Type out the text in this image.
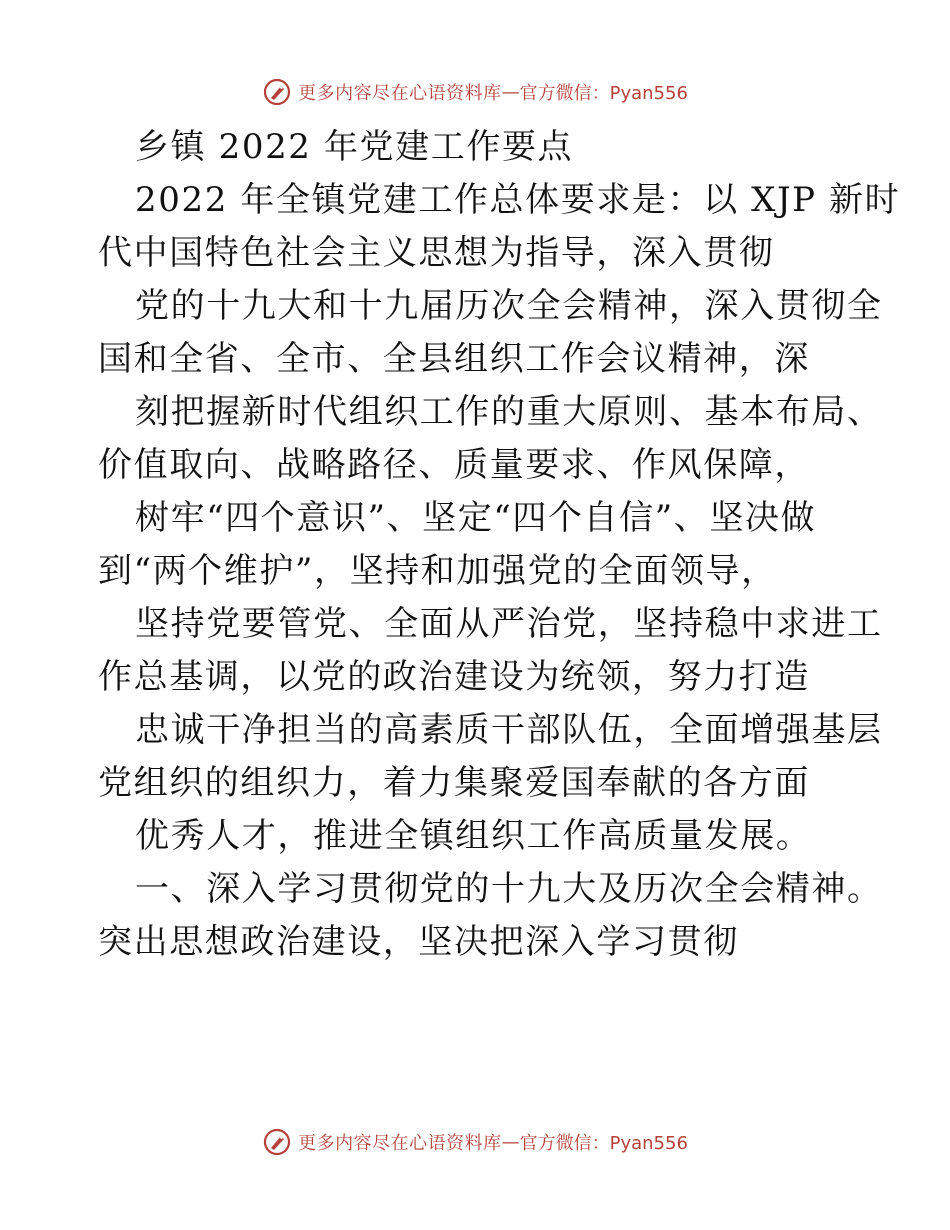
更多内容尽在心语资料库 — 官方微信：Pyan556
乡镇 2022 年党建工作要点
2022 年全镇党建工作总体要求是：以 XJP 新时
代中国特色社会主义思想为指导，深入贯彻
党的十九大和十九届历次全会精神，深入贯彻全
国和全省、全市、全县组织工作会议精神，深
刻把握新时代组织工作的重大原则、基本布局、
价值取向、战略路径、质量要求、作风保障，
树牢“四个意识”、坚定“四个自信”、坚决做
到“两个维护”，坚持和加强党的全面领导，
坚持党要管党、全面从严治党，坚持稳中求进工
作总基调，以党的政治建设为统领，努力打造
忠诚干净担当的高素质干部队伍，全面增强基层
党组织的组织力，着力集聚爱国奉献的各方面
优秀人才，推进全镇组织工作高质量发展。
一、深入学习贯彻党的十九大及历次全会精神。
突出思想政治建设，坚决把深入学习贯彻
更多内容尽在心语资料库 — 官方微信：Pyan556
